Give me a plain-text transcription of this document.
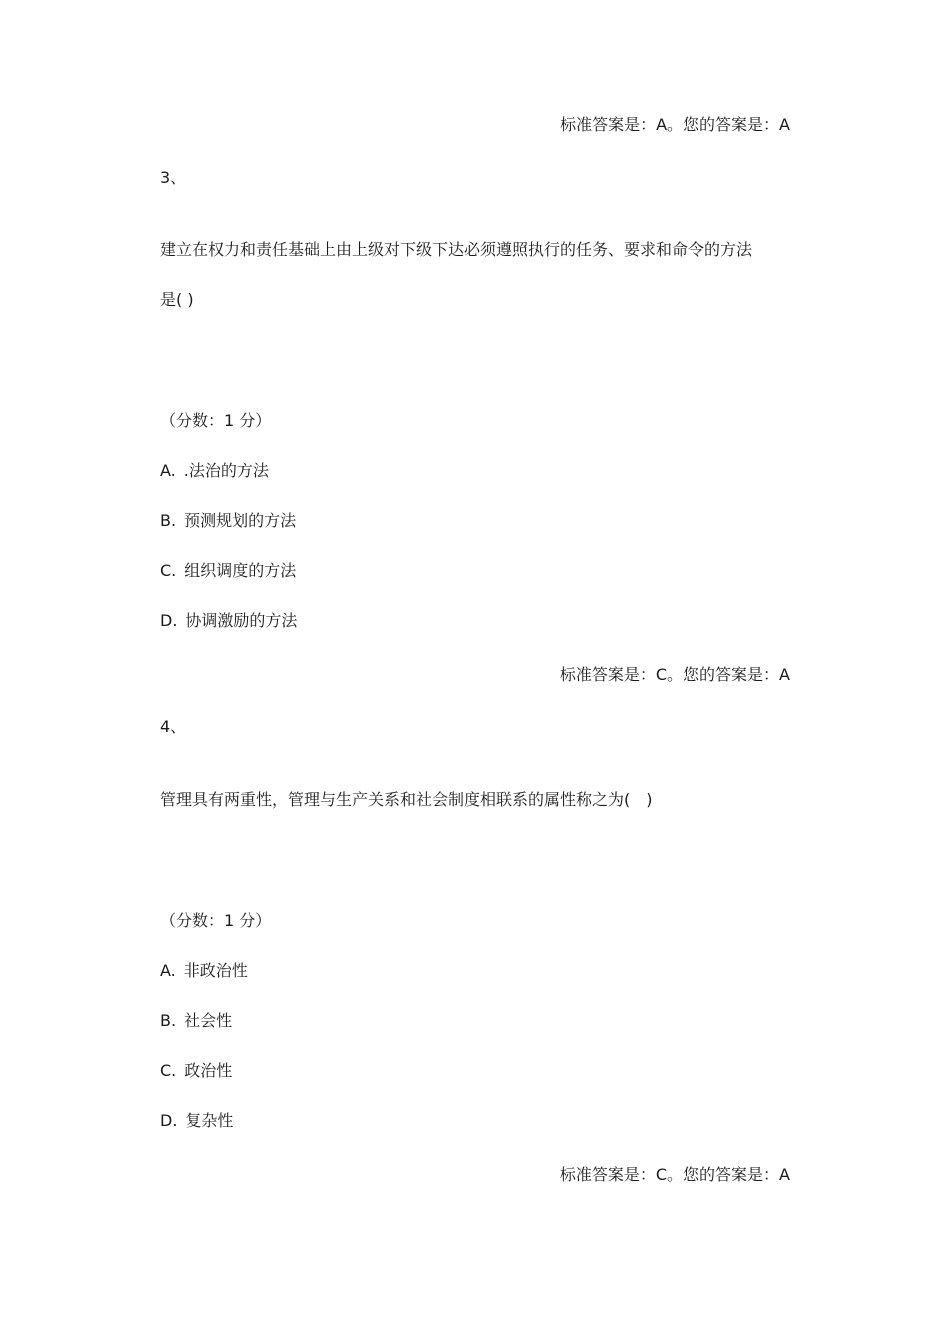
标准答案是：A。您的答案是：A
3、
建立在权力和责任基础上由上级对下级下达必须遵照执行的任务、要求和命令的方法
是( )
（分数：1 分）
A. .法治的方法
B. 预测规划的方法
C. 组织调度的方法
D. 协调激励的方法
标准答案是：C。您的答案是：A
4、
管理具有两重性，管理与生产关系和社会制度相联系的属性称之为(　)
（分数：1 分）
A. 非政治性
B. 社会性
C. 政治性
D. 复杂性
标准答案是：C。您的答案是：A
